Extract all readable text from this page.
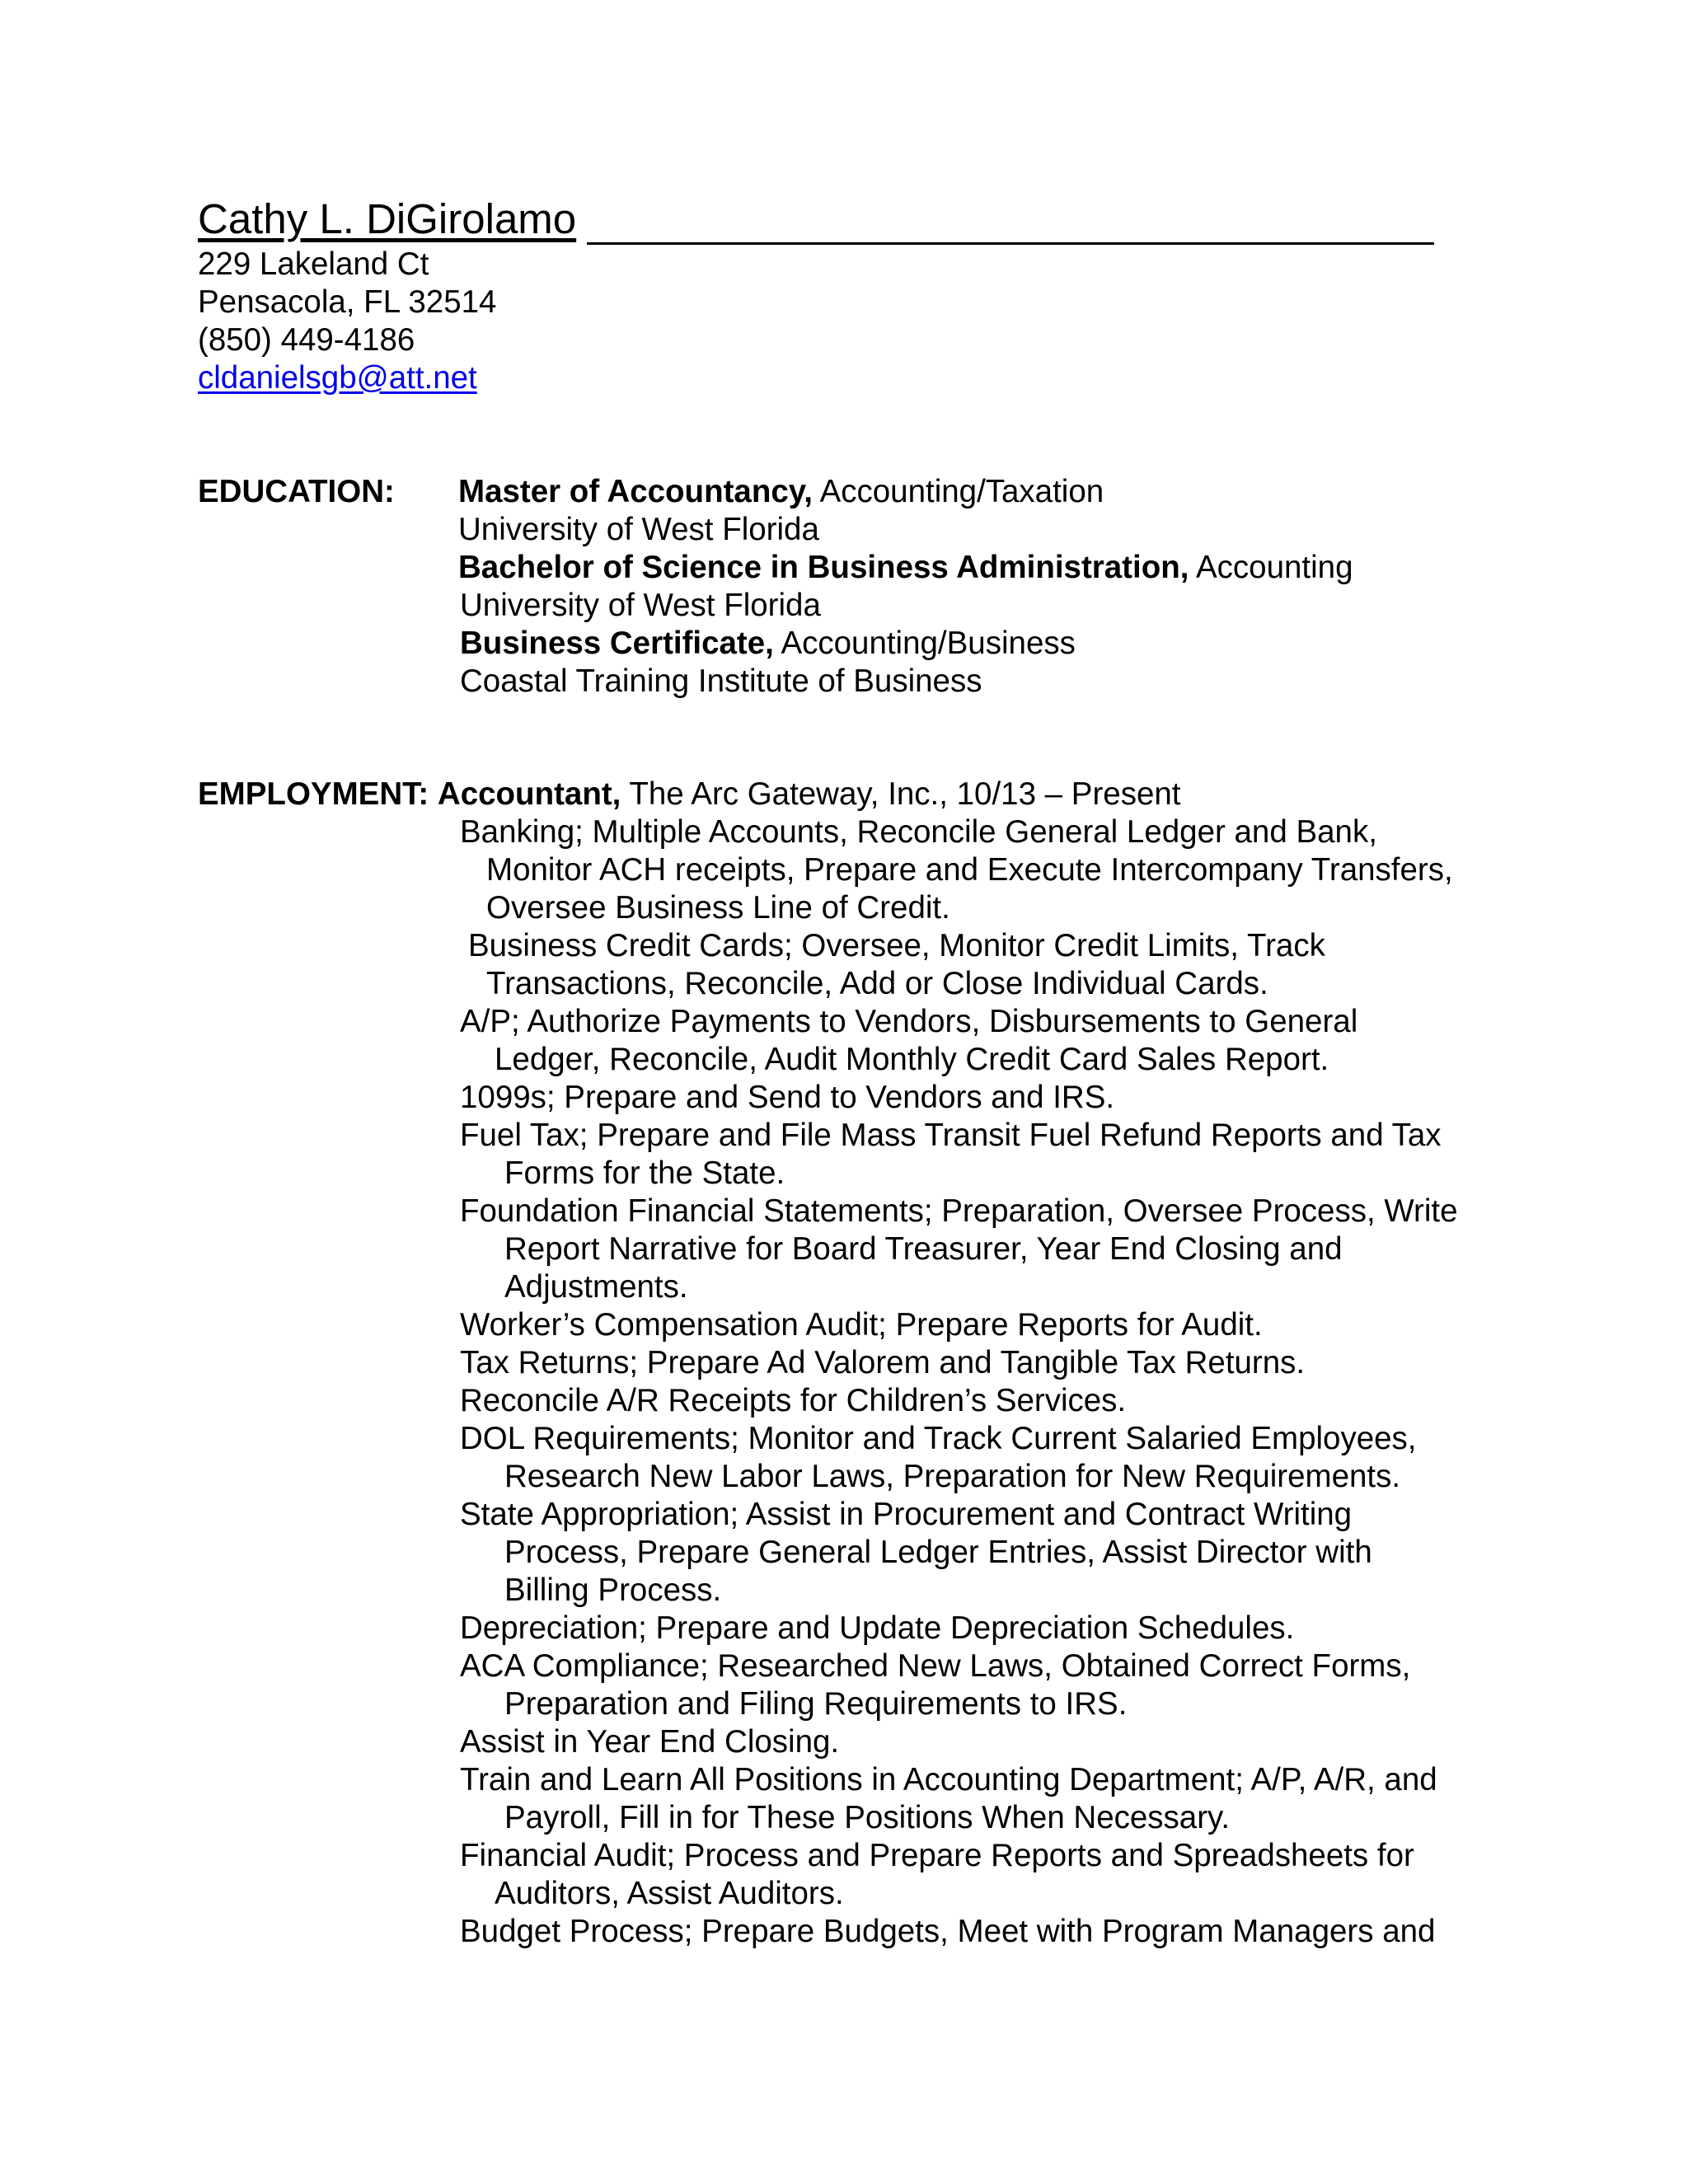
Cathy L. DiGirolamo
229 Lakeland Ct
Pensacola, FL 32514
(850) 449-4186
cldanielsgb@att.net
EDUCATION: Master of Accountancy, Accounting/Taxation
University of West Florida
Bachelor of Science in Business Administration, Accounting
University of West Florida
Business Certificate, Accounting/Business
Coastal Training Institute of Business
EMPLOYMENT: Accountant, The Arc Gateway, Inc., 10/13 – Present
Banking; Multiple Accounts, Reconcile General Ledger and Bank,
Monitor ACH receipts, Prepare and Execute Intercompany Transfers,
Oversee Business Line of Credit.
Business Credit Cards; Oversee, Monitor Credit Limits, Track
Transactions, Reconcile, Add or Close Individual Cards.
A/P; Authorize Payments to Vendors, Disbursements to General
Ledger, Reconcile, Audit Monthly Credit Card Sales Report.
1099s; Prepare and Send to Vendors and IRS.
Fuel Tax; Prepare and File Mass Transit Fuel Refund Reports and Tax
Forms for the State.
Foundation Financial Statements; Preparation, Oversee Process, Write
Report Narrative for Board Treasurer, Year End Closing and
Adjustments.
Worker’s Compensation Audit; Prepare Reports for Audit.
Tax Returns; Prepare Ad Valorem and Tangible Tax Returns.
Reconcile A/R Receipts for Children’s Services.
DOL Requirements; Monitor and Track Current Salaried Employees,
Research New Labor Laws, Preparation for New Requirements.
State Appropriation; Assist in Procurement and Contract Writing
Process, Prepare General Ledger Entries, Assist Director with
Billing Process.
Depreciation; Prepare and Update Depreciation Schedules.
ACA Compliance; Researched New Laws, Obtained Correct Forms,
Preparation and Filing Requirements to IRS.
Assist in Year End Closing.
Train and Learn All Positions in Accounting Department; A/P, A/R, and
Payroll, Fill in for These Positions When Necessary.
Financial Audit; Process and Prepare Reports and Spreadsheets for
Auditors, Assist Auditors.
Budget Process; Prepare Budgets, Meet with Program Managers and
